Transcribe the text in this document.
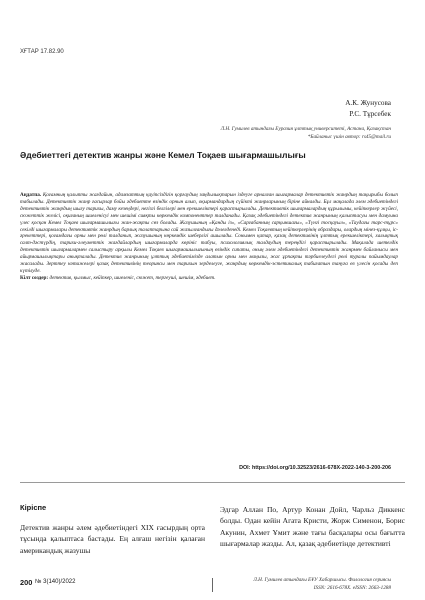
ХҒТАР 17.82.90
А.К. Жунусова
Р.С. Тұрсебек
Л.Н. Гумилев атындағы Еуразия ұлттық университеті, Астана, Қазақстан
*Байланыс үшін автор: rs45@mail.ru
Әдебиеттегі детектив жанры және Кемел Тоқаев шығармашылығы
Аңдатпа. Қоғамның қалыпты жағдайын, адамзаттың қауіпсіздігін қорғаудың заңдылықтарын іздеуге арналған шығармалар детективтік жанрдың тақырыбы болып табылады. Детективтік жанр ғасырлар бойы әдебиетте өзіндік орнын алып, оқырмандардың сүйікті жанрларының біріне айналды. Бұл мақалада әлем әдебиетіндегі детективтік жанрдың шығу тарихы, даму кезеңдері, негізгі белгілері мен ерекшеліктері қарастырылады. Детективтік шығармалардың құрылымы, кейіпкерлер жүйесі, сюжеттік желісі, оқиғаның шиеленісуі мен шешімі сияқты көркемдік компоненттер талданады. Қазақ әдебиетіндегі детектив жанрының қалыптасуы мен дамуына үлес қосқан Кемел Тоқаев шығармашылығы жан-жақты сөз болады. Жазушының «Қанды із», «Сарғабанның сарқыншағы», «Түнгі тосқауыл», «Таудағы тарс-тұрс» секілді шығармалары детективтік жанрдың барлық талаптарына сай жазылғандығы дәлелденеді. Кемел Тоқаевтың кейіпкерлерінің образдары, олардың мінез-құлқы, іс-әрекеттері, қоғамдағы орны мен рөлі талданып, жазушының көркемдік шеберлігі ашылады. Сонымен қатар, қазақ детективінің ұлттық ерекшеліктері, халықтық салт-дәстүрдің, тарихи-әлеуметтік жағдайлардың шығармаларда көрініс табуы, психологиялық талдаудың тереңдігі қарастырылады. Мақалада шетелдік детективтік шығармалармен салыстыру арқылы Кемел Тоқаев шығармашылығының өзіндік сипаты, оның әлем әдебиетіндегі детективтік жанрмен байланысы мен айырмашылықтары анықталады. Детектив жанрының ұлттық әдебиетімізде алатын орны мен маңызы, жас ұрпақты тәрбиелеудегі рөлі туралы пайымдаулар жасалады. Зерттеу нәтижелері қазақ детективінің теориясы мен тарихын зерделеуге, жанрдың көркемдік-эстетикалық табиғатын тануға өз үлесін қосады деп күтілуде.
Кілт сөздер: детектив, қылмыс, кейіпкер, шиеленіс, сюжет, тергеуші, шешім, әдебиет.
DOI: https://doi.org/10.32523/2616-678X-2022-140-3-200-206
Кіріспе
Детектив жанры әлем әдебиетіндегі XIX ғасырдың орта тұсында қалыптаса бастады. Ең алғаш негізін қалаған американдық жазушы
Эдгар Аллан По, Артур Конан Дойл, Чарльз Диккенс болды. Одан кейін Агата Кристи, Жорж Сименон, Борис Акунин, Ахмет Ұмит және тағы басқалары осы бағытта шығармалар жазды. Ал, қазақ әдебиетінде детективті
200 № 3(140)/2022	Л.Н. Гумилев атындағы ЕҰУ Хабаршысы. Филология сериясы
ISSN: 2616-678X. eISSN: 2663-1288
